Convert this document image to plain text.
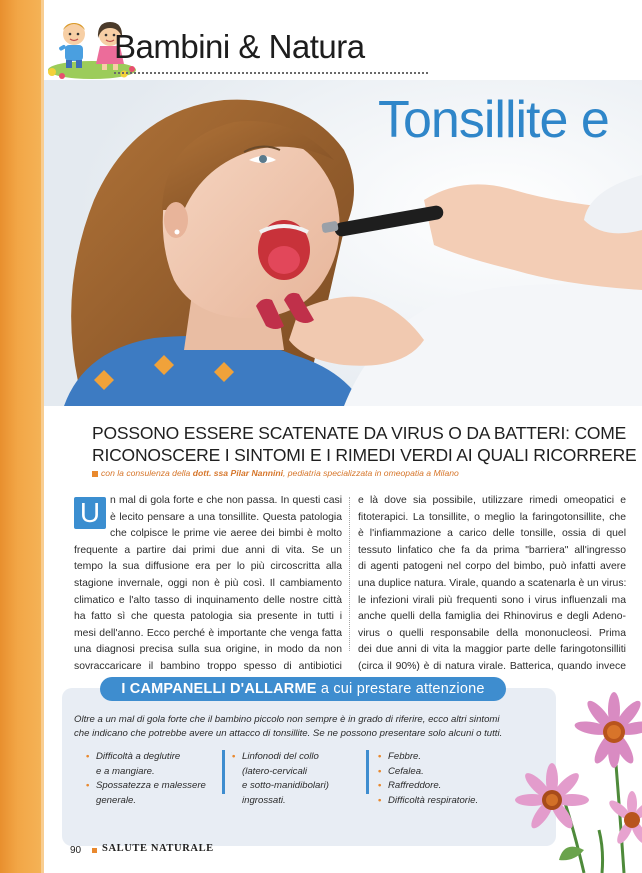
Bambini & Natura
Tonsillite e
POSSONO ESSERE SCATENATE DA VIRUS O DA BATTERI: COME
RICONOSCERE I SINTOMI E I RIMEDI VERDI AI QUALI RICORRERE
con la consulenza della dott. ssa Pilar Nannini, pediatria specializzata in omeopatia a Milano
U n mal di gola forte e che non passa. In questi casi
è lecito pensare a una tonsillite. Questa patologia
che colpisce le prime vie aeree dei bimbi è molto
frequente a partire dai primi due anni di vita. Se un
tempo la sua diffusione era per lo più circoscritta alla
stagione invernale, oggi non è più così. Il cambiamento
climatico e l'alto tasso di inquinamento delle nostre città
ha fatto sì che questa patologia sia presente in tutti i
mesi dell'anno. Ecco perché è importante che venga fatta
una diagnosi precisa sulla sua origine, in modo da non
sovraccaricare il bambino troppo spesso di antibiotici
e là dove sia possibile, utilizzare rimedi omeopatici e
fitoterapici. La tonsillite, o meglio la faringotonsillite, che
è l'infiammazione a carico delle tonsille, ossia di quel
tessuto linfatico che fa da prima "barriera" all'ingresso
di agenti patogeni nel corpo del bimbo, può infatti avere
una duplice natura. Virale, quando a scatenarla è un virus:
le infezioni virali più frequenti sono i virus influenzali ma
anche quelli della famiglia dei Rhinovirus e degli Adeno-
virus o quelli responsabile della mononucleosi. Prima
dei due anni di vita la maggior parte delle faringotonsilliti
(circa il 90%) è di natura virale. Batterica, quando invece
I CAMPANELLI D'ALLARME a cui prestare attenzione
Oltre a un mal di gola forte che il bambino piccolo non sempre è in grado di riferire, ecco altri sintomi
che indicano che potrebbe avere un attacco di tonsillite. Se ne possono presentare solo alcuni o tutti.
• Difficoltà a deglutire
e a mangiare.
• Spossatezza e malessere
generale.
• Linfonodi del collo
(latero-cervicali
e sotto-manidibolari)
ingrossati.
• Febbre.
• Cefalea.
• Raffreddore.
• Difficoltà respiratorie.
90 SALUTE NATURALE
